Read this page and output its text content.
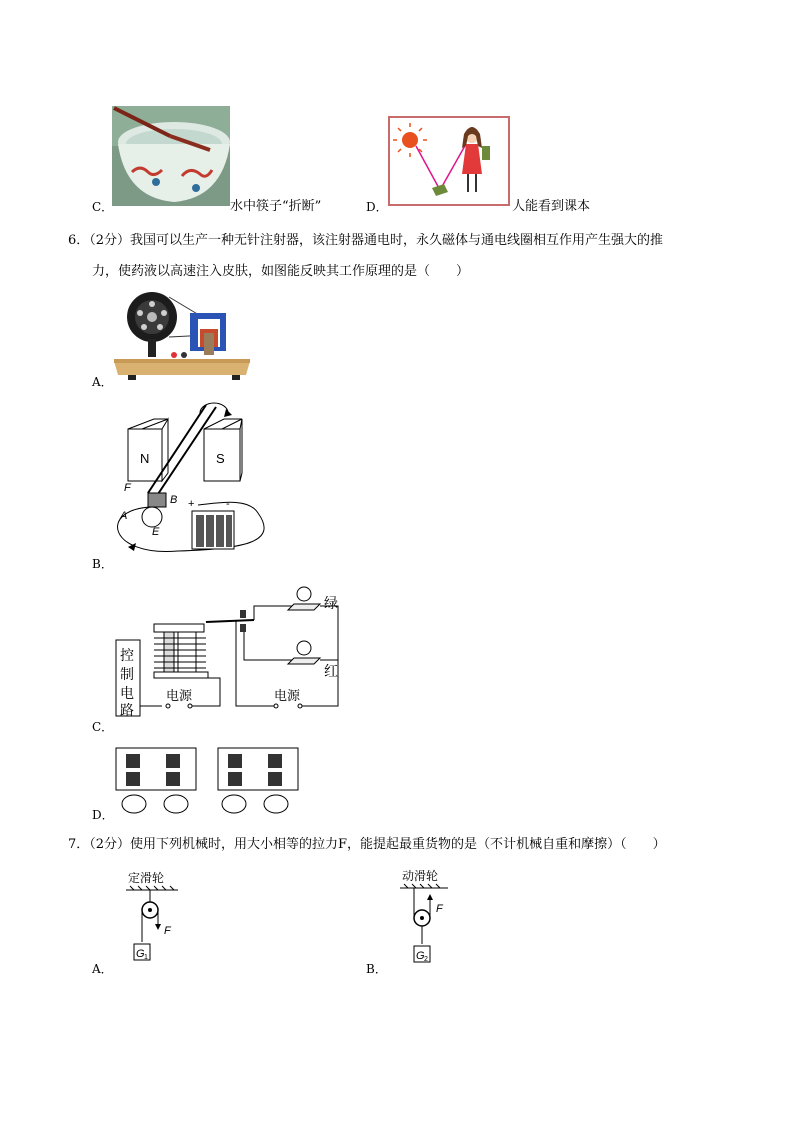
C．	水中筷子“折断”	D．	人能看到课本
6．（2分）我国可以生产一种无针注射器，该注射器通电时，永久磁体与通电线圈相互作用产生强大的推
力，使药液以高速注入皮肤，如图能反映其工作原理的是（　　）
A．
F
A
B
E
N	S
+	-
B．
控
制
电
路
电源	电源
绿
红
C．
D．
7．（2分）使用下列机械时，用大小相等的拉力F，能提起最重货物的是（不计机械自重和摩擦）（　　）
定滑轮
F
G 1
A．
动滑轮
F
G 2
B．
